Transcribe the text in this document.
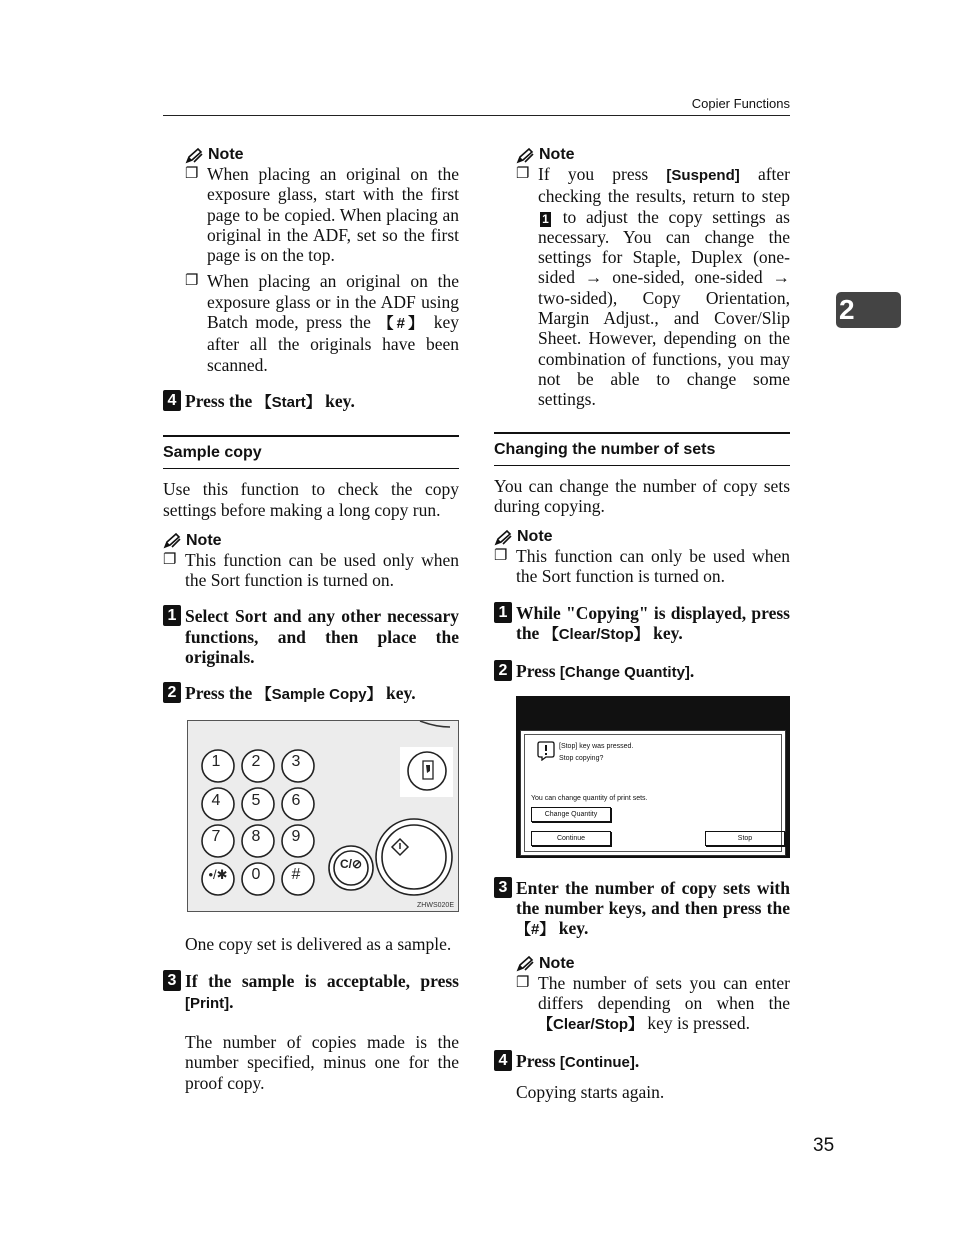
Copier Functions
2
35

Note

❐ When placing an original on the exposure glass, start with the first page to be copied. When placing an original in the ADF, set so the first page is on the top.
❐ When placing an original on the exposure glass or in the ADF using Batch mode, press the 【#】 key after all the originals have been scanned.
4 Press the 【Start】 key.
Sample copy

Use this function to check the copy settings before making a long copy run.

Note

❐ This function can be used only when the Sort function is turned on.
1 Select Sort and any other necessary functions, and then place the originals.
2 Press the 【Sample Copy】 key.
1 2 3
4 5 6
7 8 9
•/✱ 0 #
C/⊘
ZHWS020E

One copy set is delivered as a sample.

3 If the sample is acceptable, press [Print].

The number of copies made is the number specified, minus one for the proof copy.

Note

❐ If you press [Suspend] after checking the results, return to step 1 to adjust the copy settings as necessary. You can change the settings for Staple, Duplex (one-sided → one-sided, one-sided → two-sided), Copy Orientation, Margin Adjust., and Cover/Slip Sheet. However, depending on the combination of functions, you may not be able to change some settings.
Changing the number of sets

You can change the number of copy sets during copying.

Note

❐ This function can only be used when the Sort function is turned on.
1 While "Copying" is displayed, press the 【Clear/Stop】 key.
2 Press [Change Quantity].
[Stop] key was pressed.
Stop copying?
You can change quantity of print sets.
Change Quantity
Continue	Stop
3 Enter the number of copy sets with the number keys, and then press the 【#】 key.

Note

❐ The number of sets you can enter differs depending on when the 【Clear/Stop】 key is pressed.
4 Press [Continue].

Copying starts again.
